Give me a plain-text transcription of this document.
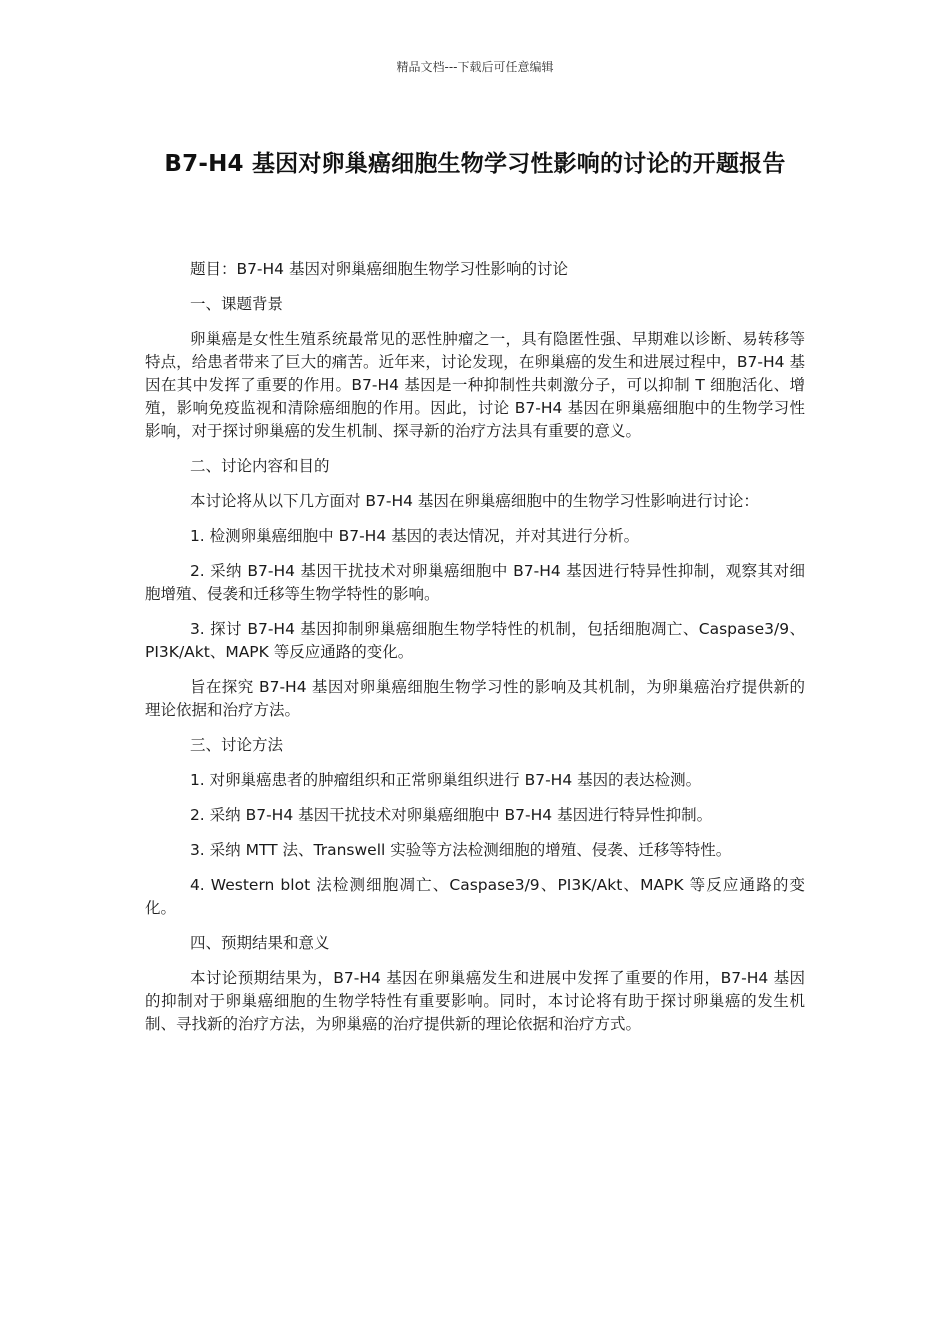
精品文档---下载后可任意编辑
B7-H4 基因对卵巢癌细胞生物学习性影响的讨论的开题报告

题目：B7-H4 基因对卵巢癌细胞生物学习性影响的讨论

一、课题背景

卵巢癌是女性生殖系统最常见的恶性肿瘤之一，具有隐匿性强、早期难以诊断、易转移等特点，给患者带来了巨大的痛苦。近年来，讨论发现，在卵巢癌的发生和进展过程中，B7-H4 基因在其中发挥了重要的作用。B7-H4 基因是一种抑制性共刺激分子，可以抑制 T 细胞活化、增殖，影响免疫监视和清除癌细胞的作用。因此，讨论 B7-H4 基因在卵巢癌细胞中的生物学习性影响，对于探讨卵巢癌的发生机制、探寻新的治疗方法具有重要的意义。

二、讨论内容和目的

本讨论将从以下几方面对 B7-H4 基因在卵巢癌细胞中的生物学习性影响进行讨论：

1. 检测卵巢癌细胞中 B7-H4 基因的表达情况，并对其进行分析。

2. 采纳 B7-H4 基因干扰技术对卵巢癌细胞中 B7-H4 基因进行特异性抑制，观察其对细胞增殖、侵袭和迁移等生物学特性的影响。

3. 探讨 B7-H4 基因抑制卵巢癌细胞生物学特性的机制，包括细胞凋亡、Caspase3/9、PI3K/Akt、MAPK 等反应通路的变化。

旨在探究 B7-H4 基因对卵巢癌细胞生物学习性的影响及其机制，为卵巢癌治疗提供新的理论依据和治疗方法。

三、讨论方法

1. 对卵巢癌患者的肿瘤组织和正常卵巢组织进行 B7-H4 基因的表达检测。

2. 采纳 B7-H4 基因干扰技术对卵巢癌细胞中 B7-H4 基因进行特异性抑制。

3. 采纳 MTT 法、Transwell 实验等方法检测细胞的增殖、侵袭、迁移等特性。

4. Western blot 法检测细胞凋亡、Caspase3/9、PI3K/Akt、MAPK 等反应通路的变化。

四、预期结果和意义

本讨论预期结果为，B7-H4 基因在卵巢癌发生和进展中发挥了重要的作用，B7-H4 基因的抑制对于卵巢癌细胞的生物学特性有重要影响。同时，本讨论将有助于探讨卵巢癌的发生机制、寻找新的治疗方法，为卵巢癌的治疗提供新的理论依据和治疗方式。
